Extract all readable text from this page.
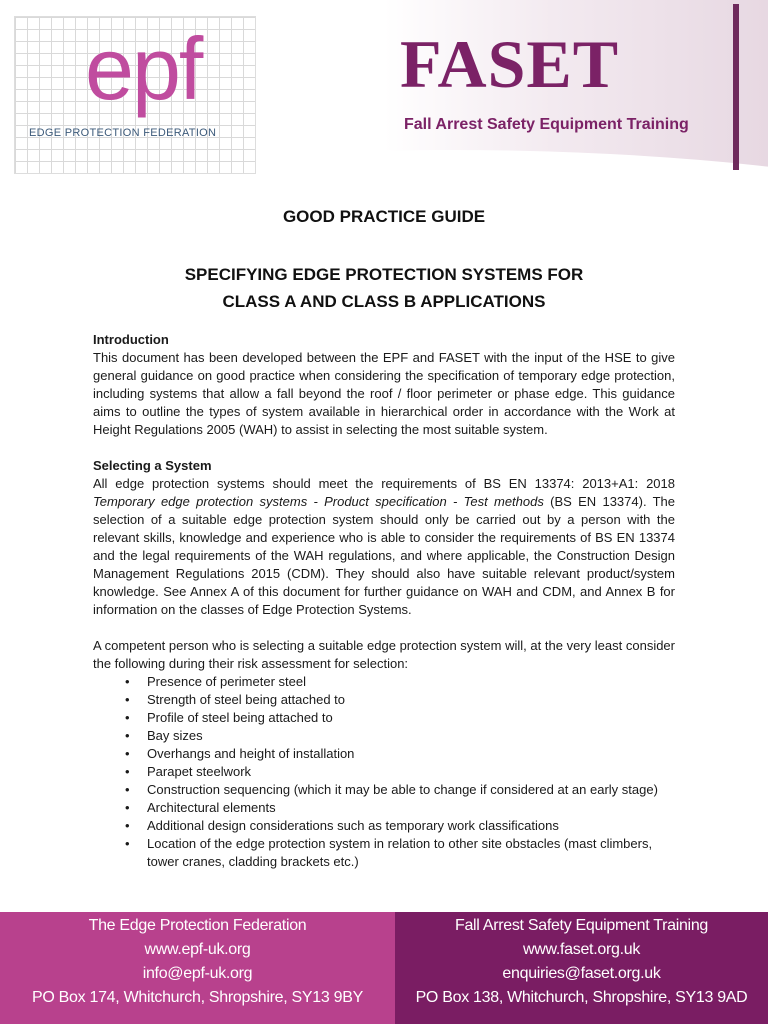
epf
EDGE PROTECTION FEDERATION
FASET
Fall Arrest Safety Equipment Training
GOOD PRACTICE GUIDE
SPECIFYING EDGE PROTECTION SYSTEMS FOR
CLASS A AND CLASS B APPLICATIONS

Introduction

This document has been developed between the EPF and FASET with the input of the HSE to give general guidance on good practice when considering the specification of temporary edge protection, including systems that allow a fall beyond the roof / floor perimeter or phase edge. This guidance aims to outline the types of system available in hierarchical order in accordance with the Work at Height Regulations 2005 (WAH) to assist in selecting the most suitable system.

Selecting a System

All edge protection systems should meet the requirements of BS EN 13374: 2013+A1: 2018 Temporary edge protection systems - Product specification - Test methods (BS EN 13374). The selection of a suitable edge protection system should only be carried out by a person with the relevant skills, knowledge and experience who is able to consider the requirements of BS EN 13374 and the legal requirements of the WAH regulations, and where applicable, the Construction Design Management Regulations 2015 (CDM). They should also have suitable relevant product/system knowledge. See Annex A of this document for further guidance on WAH and CDM, and Annex B for information on the classes of Edge Protection Systems.

A competent person who is selecting a suitable edge protection system will, at the very least consider the following during their risk assessment for selection:

• Presence of perimeter steel
• Strength of steel being attached to
• Profile of steel being attached to
• Bay sizes
• Overhangs and height of installation
• Parapet steelwork
• Construction sequencing (which it may be able to change if considered at an early stage)
• Architectural elements
• Additional design considerations such as temporary work classifications
• Location of the edge protection system in relation to other site obstacles (mast climbers, tower cranes, cladding brackets etc.)
The Edge Protection Federation
www.epf-uk.org
info@epf-uk.org
PO Box 174, Whitchurch, Shropshire, SY13 9BY
Fall Arrest Safety Equipment Training
www.faset.org.uk
enquiries@faset.org.uk
PO Box 138, Whitchurch, Shropshire, SY13 9AD
